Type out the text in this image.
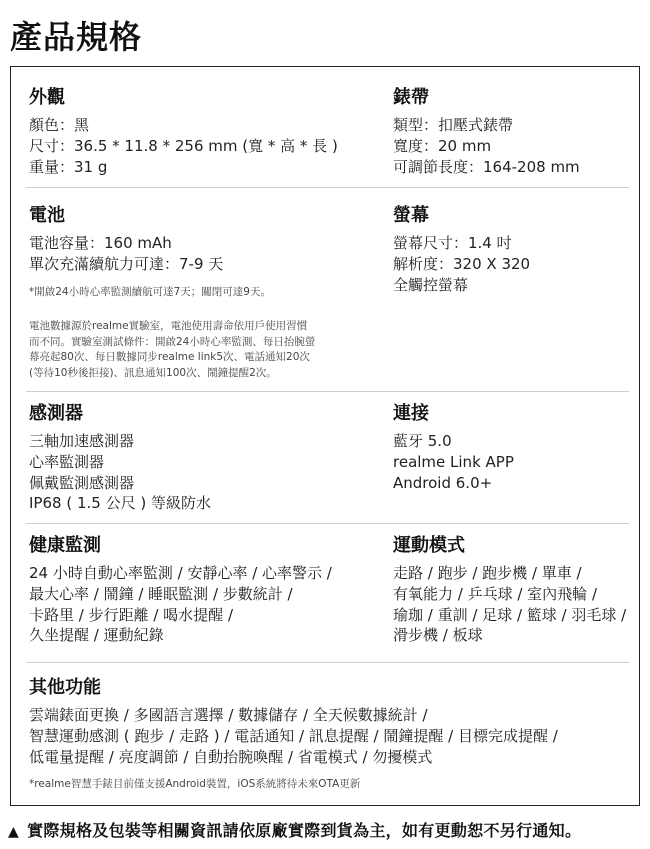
產品規格
外觀
顏色：黑
尺寸：36.5 * 11.8 * 256 mm (寬 * 高 * 長 )
重量：31 g
錶帶
類型：扣壓式錶帶
寬度：20 mm
可調節長度：164-208 mm
電池
電池容量：160 mAh
單次充滿續航力可達：7-9 天
*開啟24小時心率監測續航可達7天；關閉可達9天。
電池數據源於realme實驗室，電池使用壽命依用戶使用習慣
而不同。實驗室測試條件：開啟24小時心率監測、每日抬腕螢
幕亮起80次、每日數據同步realme link5次、電話通知20次
(等待10秒後拒接)、訊息通知100次、鬧鐘提醒2次。
螢幕
螢幕尺寸：1.4 吋
解析度：320 X 320
全觸控螢幕
感測器
三軸加速感測器
心率監測器
佩戴監測感測器
IP68 ( 1.5 公尺 ) 等級防水
連接
藍牙 5.0
realme Link APP
Android 6.0+
健康監測
24 小時自動心率監測 / 安靜心率 / 心率警示 /
最大心率 / 鬧鐘 / 睡眠監測 / 步數統計 /
卡路里 / 步行距離 / 喝水提醒 /
久坐提醒 / 運動紀錄
運動模式
走路 / 跑步 / 跑步機 / 單車 /
有氧能力 / 乒乓球 / 室內飛輪 /
瑜珈 / 重訓 / 足球 / 籃球 / 羽毛球 /
滑步機 / 板球
其他功能
雲端錶面更換 / 多國語言選擇 / 數據儲存 / 全天候數據統計 /
智慧運動感測 ( 跑步 / 走路 ) / 電話通知 / 訊息提醒 / 鬧鐘提醒 / 目標完成提醒 /
低電量提醒 / 亮度調節 / 自動抬腕喚醒 / 省電模式 / 勿擾模式
*realme智慧手錶目前僅支援Android裝置，iOS系統將待未來OTA更新
▲ 實際規格及包裝等相關資訊請依原廠實際到貨為主，如有更動恕不另行通知。
